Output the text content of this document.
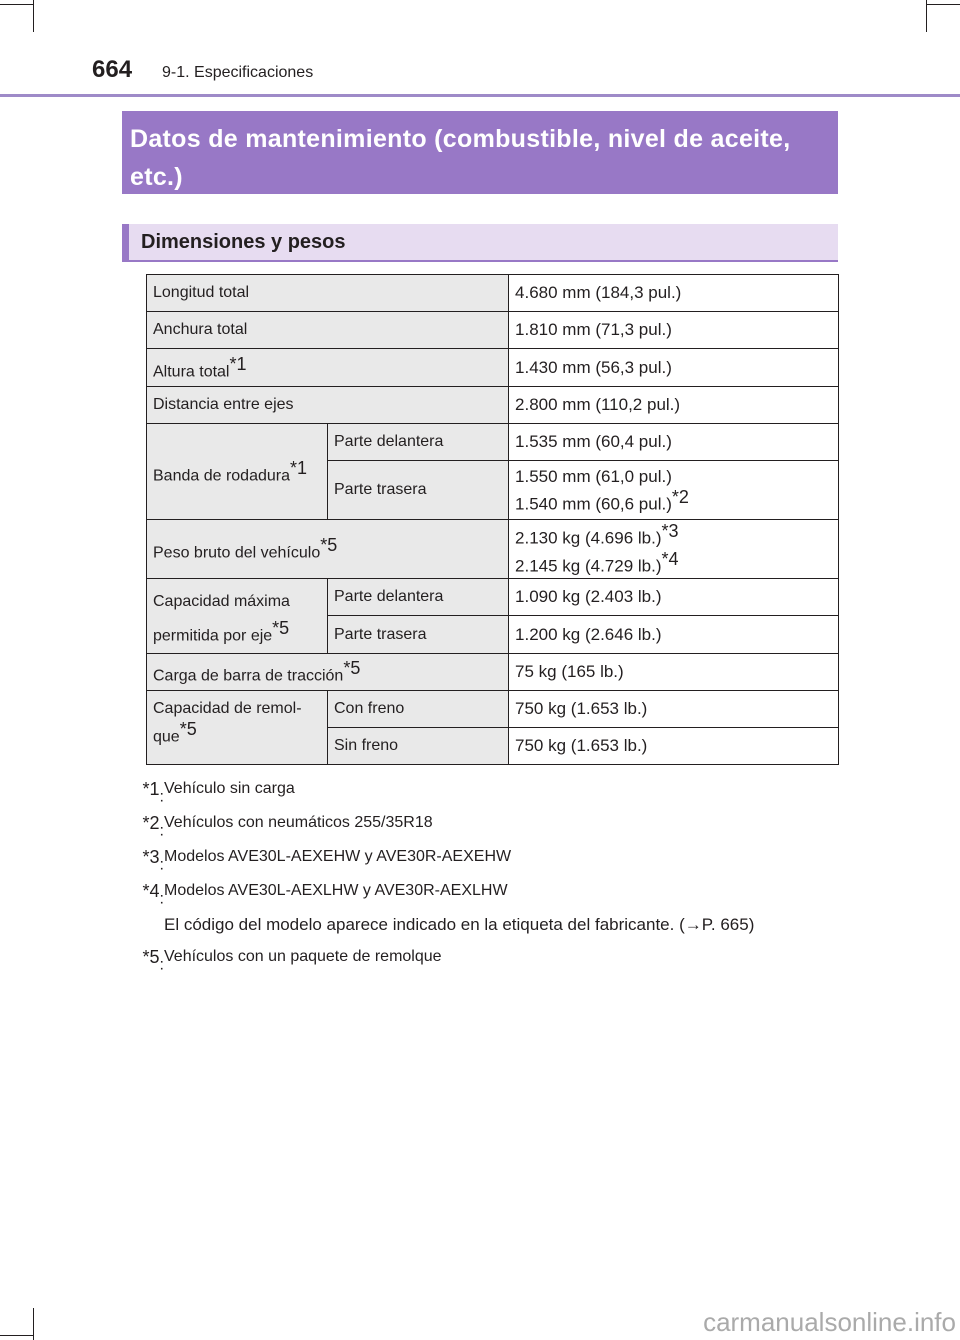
664 9-1. Especificaciones
Datos de mantenimiento (combustible, nivel de aceite, etc.)
Dimensiones y pesos
Longitud total		4.680 mm (184,3 pul.)
Anchura total		1.810 mm (71,3 pul.)
Altura total$^{*1}$		1.430 mm (56,3 pul.)
Distancia entre ejes		2.800 mm (110,2 pul.)
Banda de rodadura$^{*1}$	Parte delantera	1.535 mm (60,4 pul.)
	Parte trasera	1.550 mm (61,0 pul.)
1.540 mm (60,6 pul.)$^{*2}$
Peso bruto del vehículo$^{*5}$		2.130 kg (4.696 lb.)$^{*3}$
2.145 kg (4.729 lb.)$^{*4}$
Capacidad máxima permitida por eje$^{*5}$	Parte delantera	1.090 kg (2.403 lb.)
	Parte trasera	1.200 kg (2.646 lb.)
Carga de barra de tracción$^{*5}$		75 kg (165 lb.)
Capacidad de remol-que$^{*5}$	Con freno	750 kg (1.653 lb.)
	Sin freno	750 kg (1.653 lb.)
$^{*1}$: Vehículo sin carga
$^{*2}$: Vehículos con neumáticos 255/35R18
$^{*3}$: Modelos AVE30L-AEXEHW y AVE30R-AEXEHW
$^{*4}$: Modelos AVE30L-AEXLHW y AVE30R-AEXLHW
El código del modelo aparece indicado en la etiqueta del fabricante. (→P. 665)
$^{*5}$: Vehículos con un paquete de remolque
carmanualsonline.info
